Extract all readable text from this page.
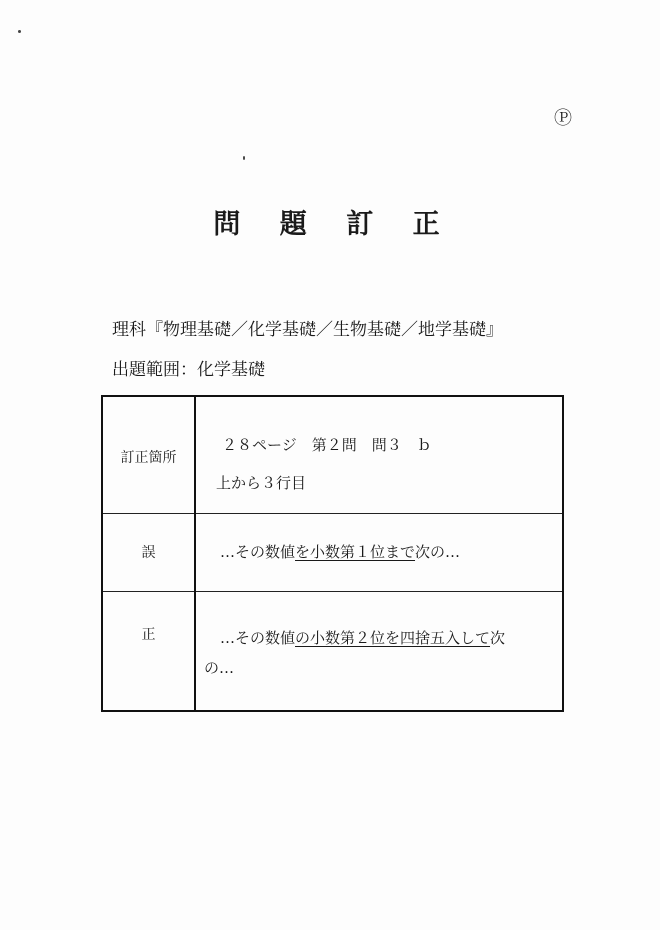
Ⓟ
問 題 訂 正
理科『物理基礎／化学基礎／生物基礎／地学基礎』
出題範囲：化学基礎
訂正箇所	２８ページ　第２問　問３　ｂ
上から３行目

誤	…その数値を小数第１位まで次の…

正	…その数値の小数第２位を四捨五入して次
の…
